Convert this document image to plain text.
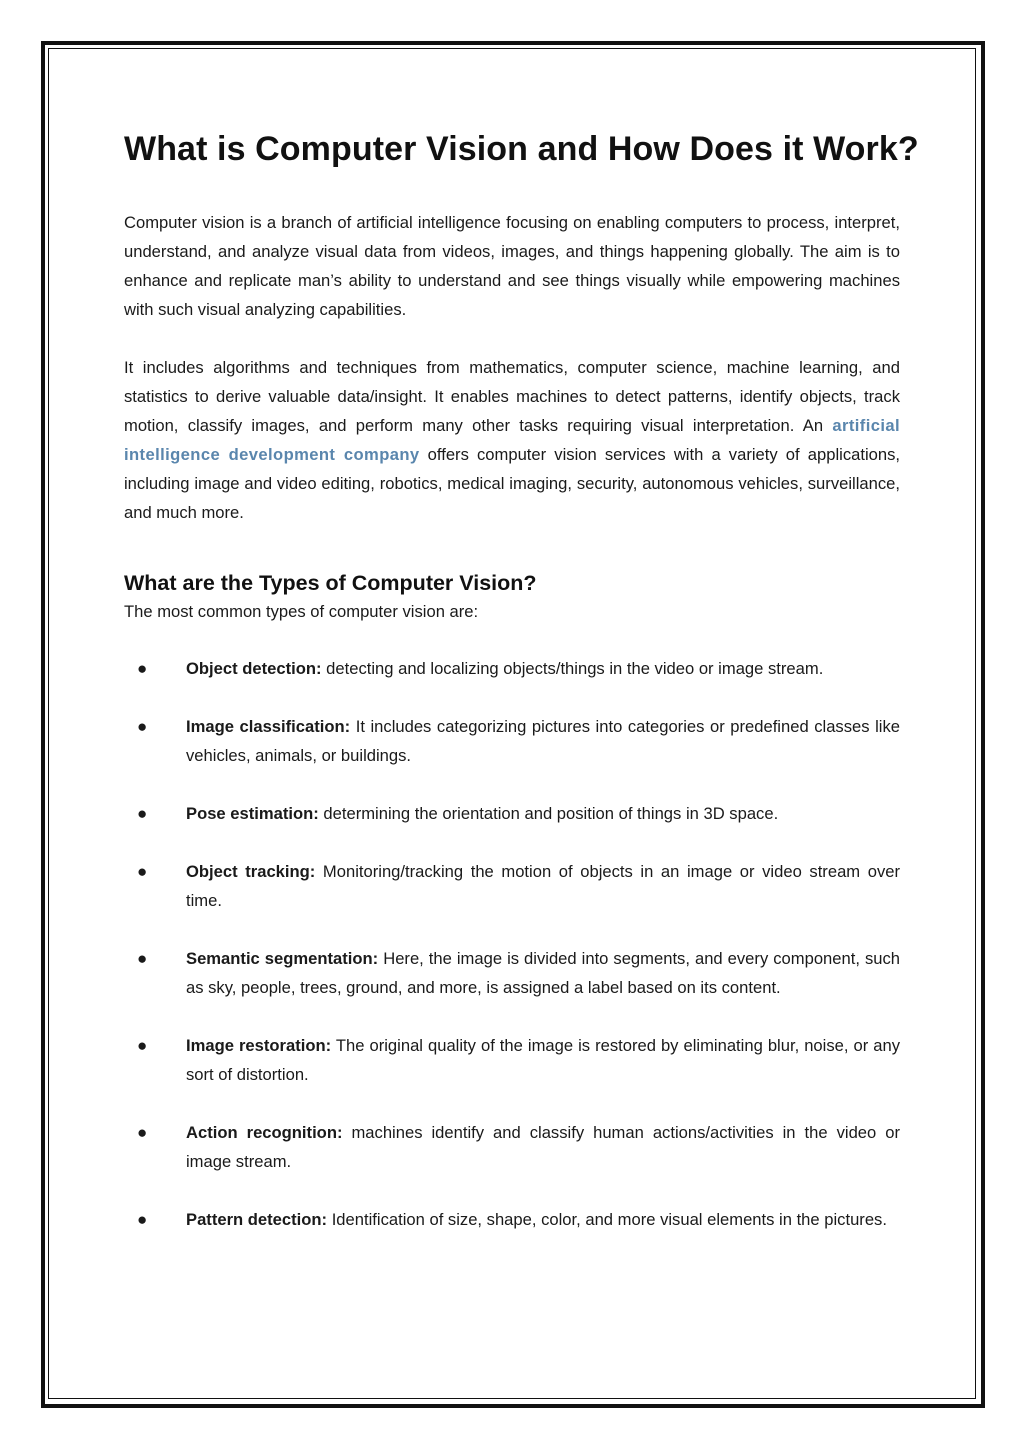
What is Computer Vision and How Does it Work?

Computer vision is a branch of artificial intelligence focusing on enabling computers to process, interpret, understand, and analyze visual data from videos, images, and things happening globally. The aim is to enhance and replicate man’s ability to understand and see things visually while empowering machines with such visual analyzing capabilities.

It includes algorithms and techniques from mathematics, computer science, machine learning, and statistics to derive valuable data/insight. It enables machines to detect patterns, identify objects, track motion, classify images, and perform many other tasks requiring visual interpretation. An artificial intelligence development company offers computer vision services with a variety of applications, including image and video editing, robotics, medical imaging, security, autonomous vehicles, surveillance, and much more.

What are the Types of Computer Vision?

The most common types of computer vision are:

● Object detection: detecting and localizing objects/things in the video or image stream.
● Image classification: It includes categorizing pictures into categories or predefined classes like vehicles, animals, or buildings.
● Pose estimation: determining the orientation and position of things in 3D space.
● Object tracking: Monitoring/tracking the motion of objects in an image or video stream over time.
● Semantic segmentation: Here, the image is divided into segments, and every component, such as sky, people, trees, ground, and more, is assigned a label based on its content.
● Image restoration: The original quality of the image is restored by eliminating blur, noise, or any sort of distortion.
● Action recognition: machines identify and classify human actions/activities in the video or image stream.
● Pattern detection: Identification of size, shape, color, and more visual elements in the pictures.
